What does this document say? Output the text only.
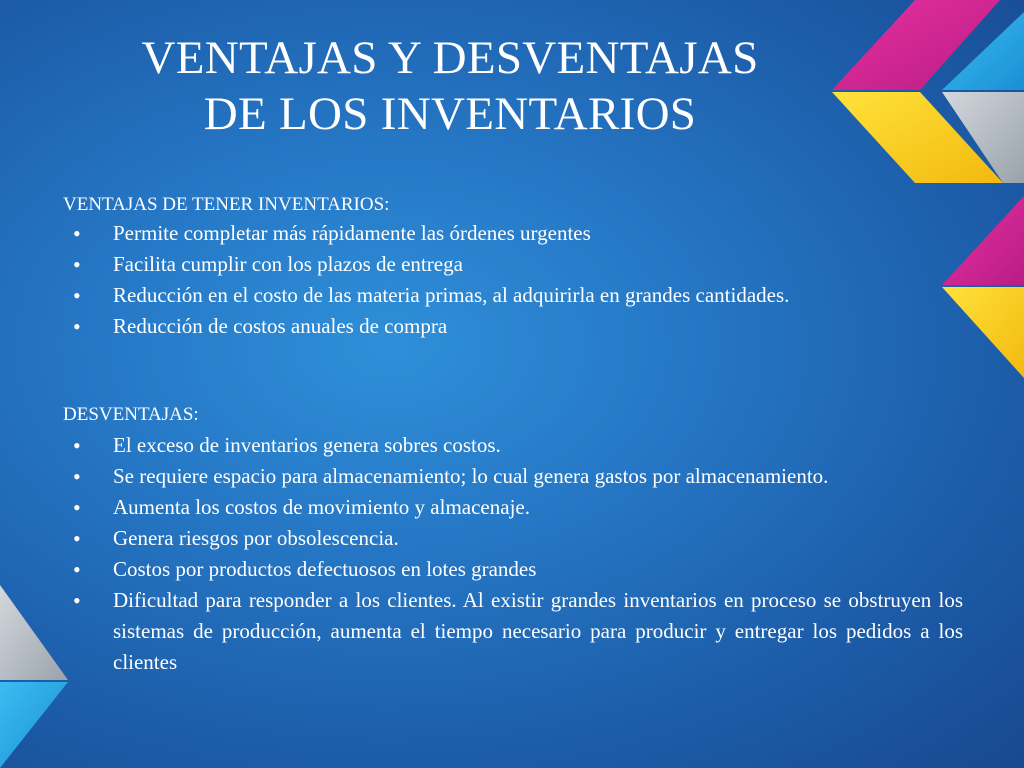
VENTAJAS Y DESVENTAJAS
DE LOS INVENTARIOS

VENTAJAS DE TENER INVENTARIOS:

• Permite completar más rápidamente las órdenes urgentes
• Facilita cumplir con los plazos de entrega
• Reducción en el costo de las materia primas, al adquirirla en grandes cantidades.
• Reducción de costos anuales de compra

DESVENTAJAS:

• El exceso de inventarios genera sobres costos.
• Se requiere espacio para almacenamiento; lo cual genera gastos por almacenamiento.
• Aumenta los costos de movimiento y almacenaje.
• Genera riesgos por obsolescencia.
• Costos por productos defectuosos en lotes grandes
• Dificultad para responder a los clientes. Al existir grandes inventarios en proceso se obstruyen los sistemas de producción, aumenta el tiempo necesario para producir y entregar los pedidos a los clientes
